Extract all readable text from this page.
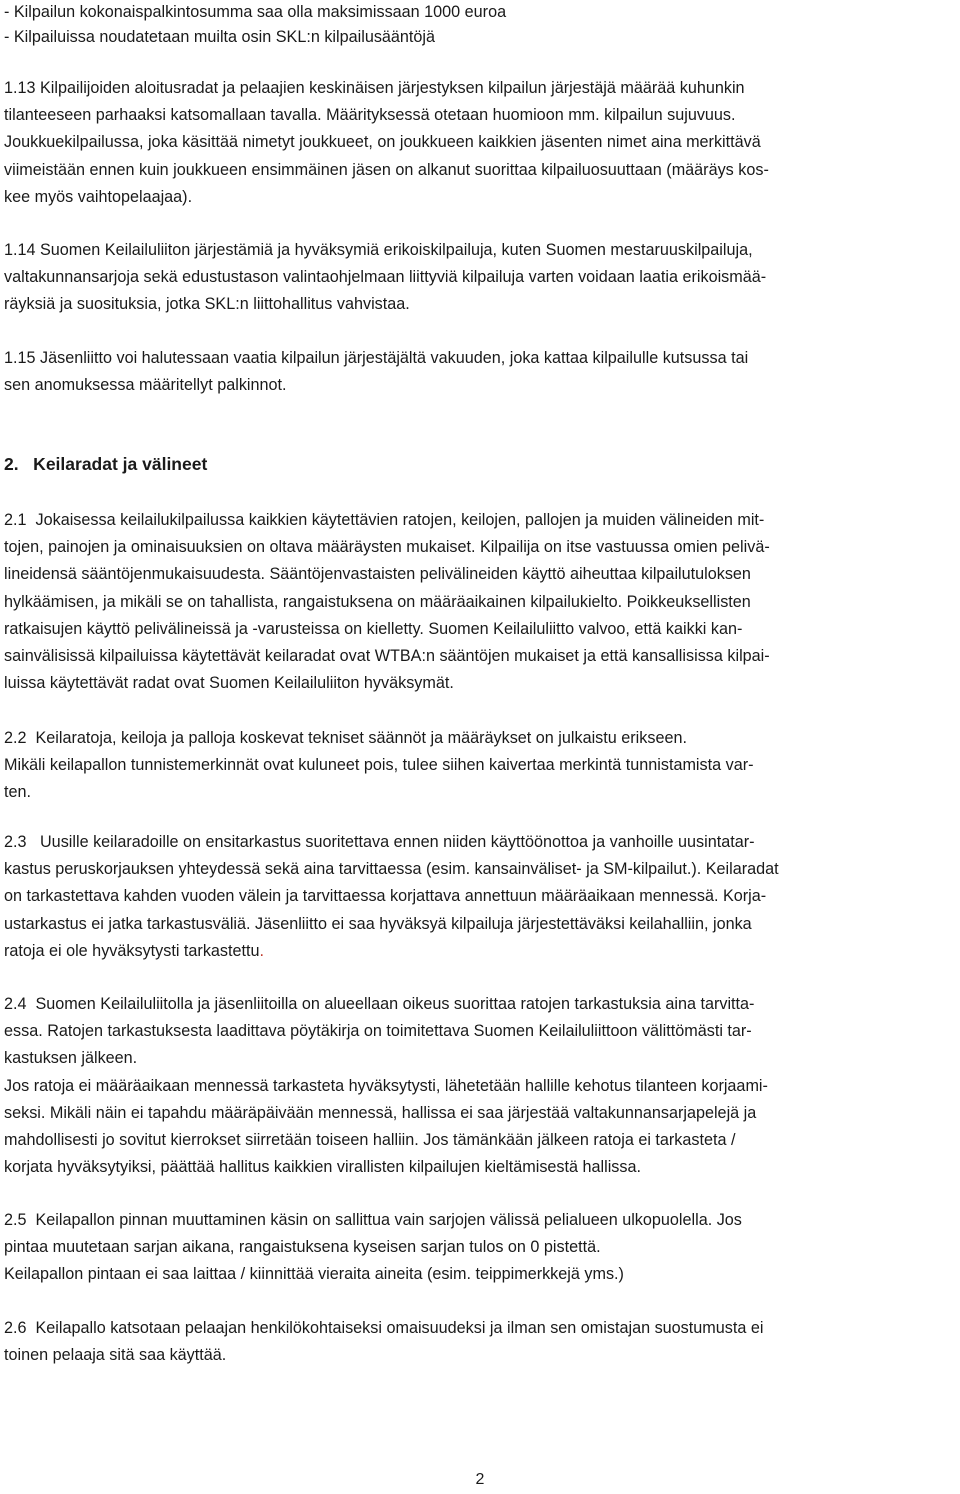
- Kilpailun kokonaispalkintosumma saa olla maksimissaan 1000 euroa
- Kilpailuissa noudatetaan muilta osin SKL:n kilpailusääntöjä
1.13 Kilpailijoiden aloitusradat ja pelaajien keskinäisen järjestyksen kilpailun järjestäjä määrää kuhunkin
tilanteeseen parhaaksi katsomallaan tavalla. Määrityksessä otetaan huomioon mm. kilpailun sujuvuus.
Joukkuekilpailussa, joka käsittää nimetyt joukkueet, on joukkueen kaikkien jäsenten nimet aina merkittävä
viimeistään ennen kuin joukkueen ensimmäinen jäsen on alkanut suorittaa kilpailuosuuttaan (määräys kos-
kee myös vaihtopelaajaa).
1.14 Suomen Keilailuliiton järjestämiä ja hyväksymiä erikoiskilpailuja, kuten Suomen mestaruuskilpailuja,
valtakunnansarjoja sekä edustustason valintaohjelmaan liittyviä kilpailuja varten voidaan laatia erikoismää-
räyksiä ja suosituksia, jotka SKL:n liittohallitus vahvistaa.
1.15 Jäsenliitto voi halutessaan vaatia kilpailun järjestäjältä vakuuden, joka kattaa kilpailulle kutsussa tai
sen anomuksessa määritellyt palkinnot.
2.   Keilaradat ja välineet
2.1  Jokaisessa keilailukilpailussa kaikkien käytettävien ratojen, keilojen, pallojen ja muiden välineiden mit-
tojen, painojen ja ominaisuuksien on oltava määräysten mukaiset. Kilpailija on itse vastuussa omien pelivä-
lineidensä sääntöjenmukaisuudesta. Sääntöjenvastaisten pelivälineiden käyttö aiheuttaa kilpailutuloksen
hylkäämisen, ja mikäli se on tahallista, rangaistuksena on määräaikainen kilpailukielto. Poikkeuksellisten
ratkaisujen käyttö pelivälineissä ja -varusteissa on kielletty. Suomen Keilailuliitto valvoo, että kaikki kan-
sainvälisissä kilpailuissa käytettävät keilaradat ovat WTBA:n sääntöjen mukaiset ja että kansallisissa kilpai-
luissa käytettävät radat ovat Suomen Keilailuliiton hyväksymät.
2.2  Keilaratoja, keiloja ja palloja koskevat tekniset säännöt ja määräykset on julkaistu erikseen.
Mikäli keilapallon tunnistemerkinnät ovat kuluneet pois, tulee siihen kaivertaa merkintä tunnistamista var-
ten.
2.3   Uusille keilaradoille on ensitarkastus suoritettava ennen niiden käyttöönottoa ja vanhoille uusintatar-
kastus peruskorjauksen yhteydessä sekä aina tarvittaessa (esim. kansainväliset- ja SM-kilpailut.). Keilaradat
on tarkastettava kahden vuoden välein ja tarvittaessa korjattava annettuun määräaikaan mennessä. Korja-
ustarkastus ei jatka tarkastusväliä. Jäsenliitto ei saa hyväksyä kilpailuja järjestettäväksi keilahalliin, jonka
ratoja ei ole hyväksytysti tarkastettu.
2.4  Suomen Keilailuliitolla ja jäsenliitoilla on alueellaan oikeus suorittaa ratojen tarkastuksia aina tarvitta-
essa. Ratojen tarkastuksesta laadittava pöytäkirja on toimitettava Suomen Keilailuliittoon välittömästi tar-
kastuksen jälkeen.
Jos ratoja ei määräaikaan mennessä tarkasteta hyväksytysti, lähetetään hallille kehotus tilanteen korjaami-
seksi. Mikäli näin ei tapahdu määräpäivään mennessä, hallissa ei saa järjestää valtakunnansarjapelejä ja
mahdollisesti jo sovitut kierrokset siirretään toiseen halliin. Jos tämänkään jälkeen ratoja ei tarkasteta /
korjata hyväksytyiksi, päättää hallitus kaikkien virallisten kilpailujen kieltämisestä hallissa.
2.5  Keilapallon pinnan muuttaminen käsin on sallittua vain sarjojen välissä pelialueen ulkopuolella. Jos
pintaa muutetaan sarjan aikana, rangaistuksena kyseisen sarjan tulos on 0 pistettä.
Keilapallon pintaan ei saa laittaa / kiinnittää vieraita aineita (esim. teippimerkkejä yms.)
2.6  Keilapallo katsotaan pelaajan henkilökohtaiseksi omaisuudeksi ja ilman sen omistajan suostumusta ei
toinen pelaaja sitä saa käyttää.
2
